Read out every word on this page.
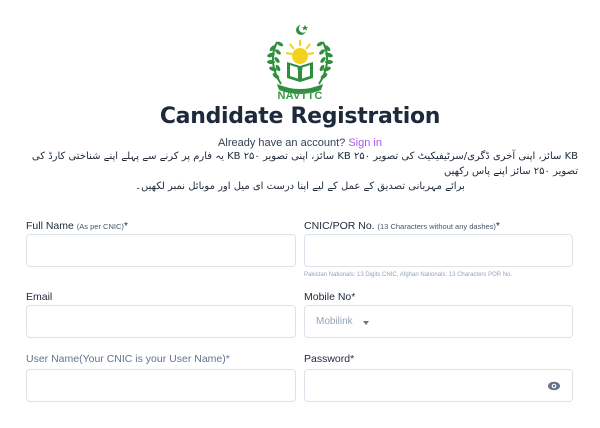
NAVTTC
Candidate Registration
Already have an account? Sign in
KB سائز، اپنی آخری ڈگری/سرٹیفیکیٹ کی تصویر ۲۵۰ KB سائز، اپنی تصویر ۲۵۰ KB یہ فارم پر کرنے سے پہلے اپنے شناختی کارڈ کی تصویر ۲۵۰ سائز اپنے پاس رکھیں
برائے مہربانی تصدیق کے عمل کے لیے اپنا درست ای میل اور موبائل نمبر لکھیں۔
Full Name (As per CNIC)*	CNIC/POR No. (13 Characters without any dashes)*
Pakistan Nationals: 13 Digits CNIC, Afghan Nationals: 13 Characters POR No.
Email	Mobile No*
Mobilink
User Name(Your CNIC is your User Name)*	Password*
